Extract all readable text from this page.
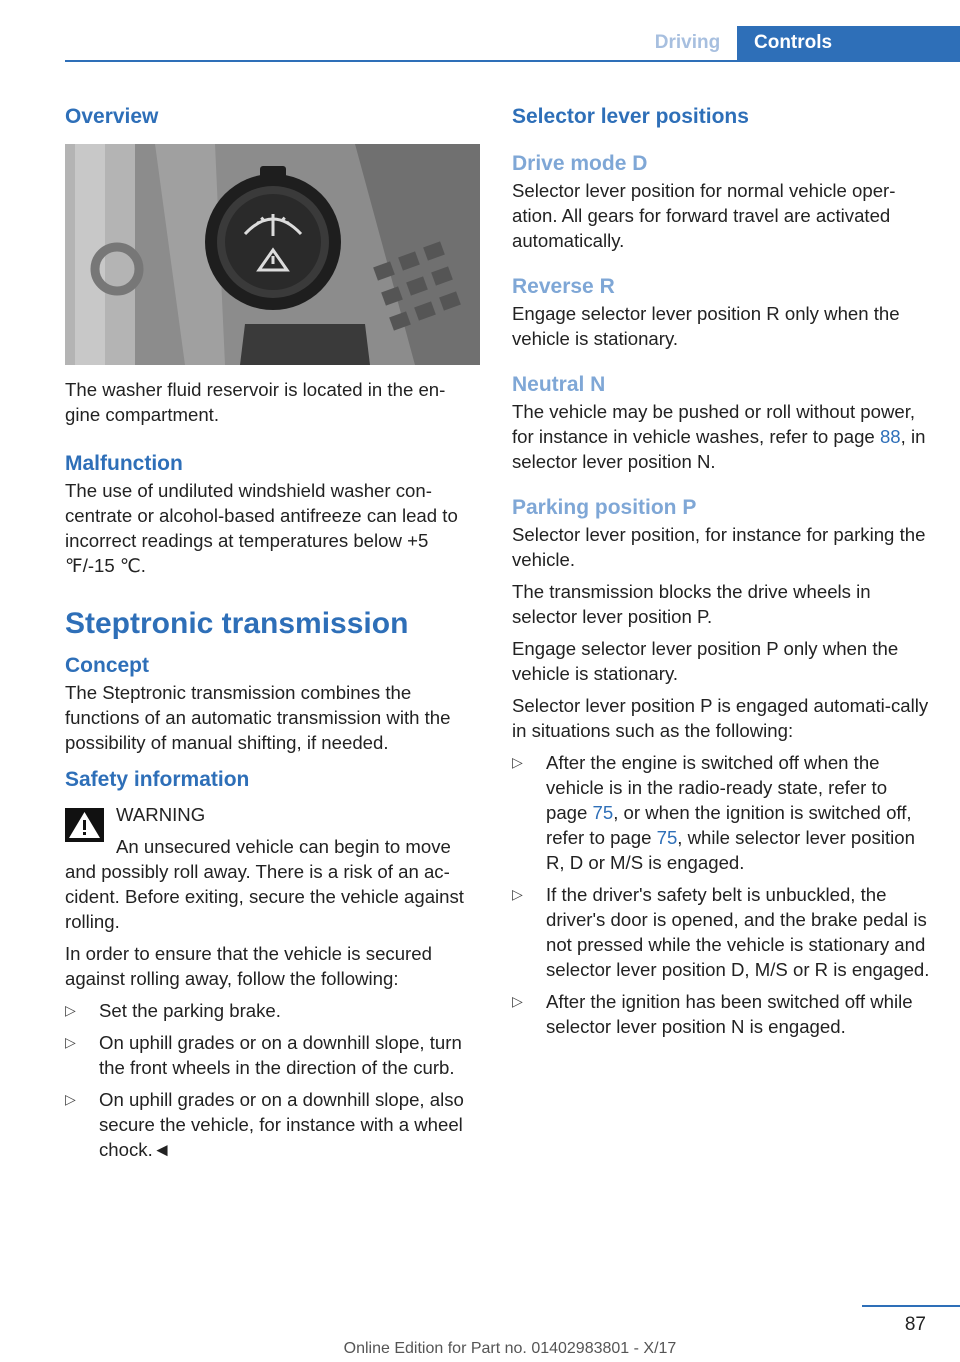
Driving	Controls
Overview
The washer fluid reservoir is located in the en-gine compartment.
Malfunction
The use of undiluted windshield washer con-centrate or alcohol-based antifreeze can lead to incorrect readings at temperatures below +5 ℉/-15 ℃.
Steptronic transmission
Concept
The Steptronic transmission combines the functions of an automatic transmission with the possibility of manual shifting, if needed.
Safety information
WARNING
An unsecured vehicle can begin to move and possibly roll away. There is a risk of an ac-cident. Before exiting, secure the vehicle against rolling.
In order to ensure that the vehicle is secured against rolling away, follow the following:
▷ Set the parking brake.
▷ On uphill grades or on a downhill slope, turn the front wheels in the direction of the curb.
▷ On uphill grades or on a downhill slope, also secure the vehicle, for instance with a wheel chock.◄
Selector lever positions
Drive mode D
Selector lever position for normal vehicle oper-ation. All gears for forward travel are activated automatically.
Reverse R
Engage selector lever position R only when the vehicle is stationary.
Neutral N
The vehicle may be pushed or roll without power, for instance in vehicle washes, refer to page 88, in selector lever position N.
Parking position P
Selector lever position, for instance for parking the vehicle.
The transmission blocks the drive wheels in selector lever position P.
Engage selector lever position P only when the vehicle is stationary.
Selector lever position P is engaged automati-cally in situations such as the following:
▷ After the engine is switched off when the vehicle is in the radio-ready state, refer to page 75, or when the ignition is switched off, refer to page 75, while selector lever position R, D or M/S is engaged.
▷ If the driver's safety belt is unbuckled, the driver's door is opened, and the brake pedal is not pressed while the vehicle is stationary and selector lever position D, M/S or R is engaged.
▷ After the ignition has been switched off while selector lever position N is engaged.
87
Online Edition for Part no. 01402983801 - X/17
